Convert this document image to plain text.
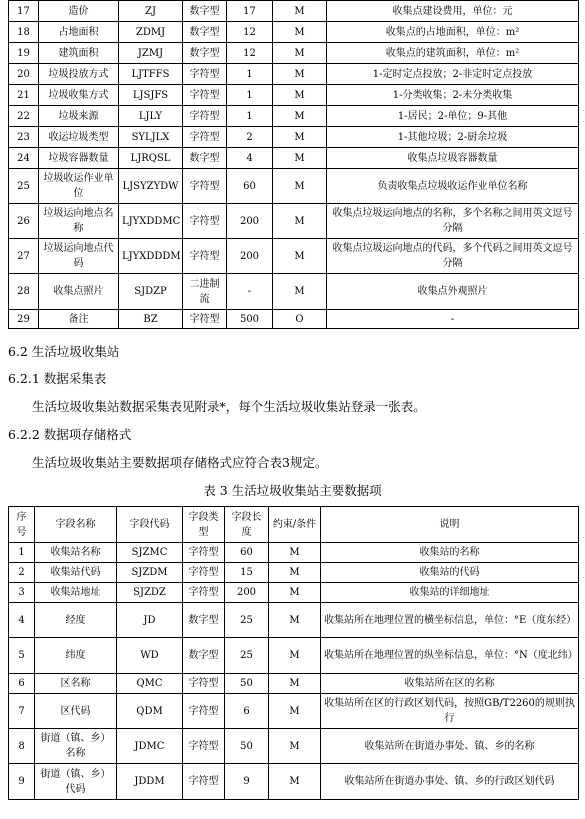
17	造价	ZJ	数字型	17	M	收集点建设费用，单位：元
18	占地面积	ZDMJ	数字型	12	M	收集点的占地面积，单位：m²
19	建筑面积	JZMJ	数字型	12	M	收集点的建筑面积，单位：m²
20	垃圾投放方式	LJTFFS	字符型	1	M	1-定时定点投放；2-非定时定点投放
21	垃圾收集方式	LJSJFS	字符型	1	M	1-分类收集；2-未分类收集
22	垃圾来源	LJLY	字符型	1	M	1-居民；2-单位；9-其他
23	收运垃圾类型	SYLJLX	字符型	2	M	1-其他垃圾；2-厨余垃圾
24	垃圾容器数量	LJRQSL	数字型	4	M	收集点垃圾容器数量
25	垃圾收运作业单位	LJSYZYDW	字符型	60	M	负责收集点垃圾收运作业单位名称
26	垃圾运向地点名称	LJYXDDMC	字符型	200	M	收集点垃圾运向地点的名称，多个名称之间用英文逗号分隔
27	垃圾运向地点代码	LJYXDDDM	字符型	200	M	收集点垃圾运向地点的代码，多个代码之间用英文逗号分隔
28	收集点照片	SJDZP	二进制流	-	M	收集点外观照片
29	备注	BZ	字符型	500	O	-
6.2 生活垃圾收集站
6.2.1 数据采集表
生活垃圾收集站数据采集表见附录*，每个生活垃圾收集站登录一张表。
6.2.2 数据项存储格式
生活垃圾收集站主要数据项存储格式应符合表3规定。
表 3 生活垃圾收集站主要数据项
序号	字段名称	字段代码	字段类型	字段长度	约束/条件	说明
1	收集站名称	SJZMC	字符型	60	M	收集站的名称
2	收集站代码	SJZDM	字符型	15	M	收集站的代码
3	收集站地址	SJZDZ	字符型	200	M	收集站的详细地址
4	经度	JD	数字型	25	M	收集站所在地理位置的横坐标信息，单位：°E（度东经）
5	纬度	WD	数字型	25	M	收集站所在地理位置的纵坐标信息，单位：°N（度北纬）
6	区名称	QMC	字符型	50	M	收集站所在区的名称
7	区代码	QDM	字符型	6	M	收集站所在区的行政区划代码，按照GB/T2260的规则执行
8	街道（镇、乡）名称	JDMC	字符型	50	M	收集站所在街道办事处、镇、乡的名称
9	街道（镇、乡）代码	JDDM	字符型	9	M	收集站所在街道办事处、镇、乡的行政区划代码
